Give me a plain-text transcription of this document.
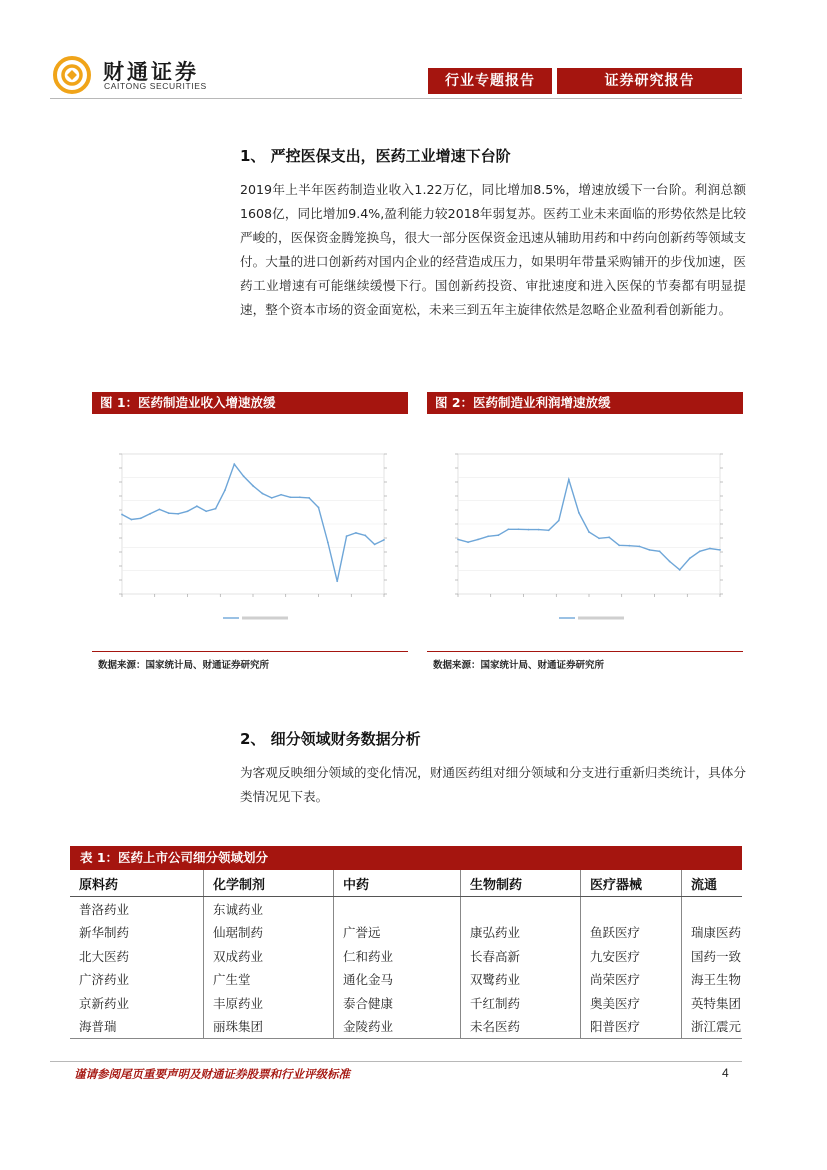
财通证券
CAITONG SECURITIES	行业专题报告	证券研究报告
1、 严控医保支出，医药工业增速下台阶

2019年上半年医药制造业收入1.22万亿，同比增加8.5%，增速放缓下一台阶。利润总额1608亿，同比增加9.4%,盈利能力较2018年弱复苏。医药工业未来面临的形势依然是比较严峻的，医保资金腾笼换鸟，很大一部分医保资金迅速从辅助用药和中药向创新药等领域支付。大量的进口创新药对国内企业的经营造成压力，如果明年带量采购铺开的步伐加速，医药工业增速有可能继续缓慢下行。国创新药投资、审批速度和进入医保的节奏都有明显提速，整个资本市场的资金面宽松，未来三到五年主旋律依然是忽略企业盈利看创新能力。

图 1：医药制造业收入增速放缓
数据来源：国家统计局、财通证券研究所
图 2：医药制造业利润增速放缓
数据来源：国家统计局、财通证券研究所
2、 细分领域财务数据分析

为客观反映细分领域的变化情况，财通医药组对细分领域和分支进行重新归类统计，具体分类情况见下表。

表 1：医药上市公司细分领域划分
原料药	化学制剂	中药	生物制药	医疗器械	流通
普洛药业	东诚药业				
新华制药	仙琚制药	广誉远	康弘药业	鱼跃医疗	瑞康医药
北大医药	双成药业	仁和药业	长春高新	九安医疗	国药一致
广济药业	广生堂	通化金马	双鹭药业	尚荣医疗	海王生物
京新药业	丰原药业	泰合健康	千红制药	奥美医疗	英特集团
海普瑞	丽珠集团	金陵药业	未名医药	阳普医疗	浙江震元
谨请参阅尾页重要声明及财通证券股票和行业评级标准	4
